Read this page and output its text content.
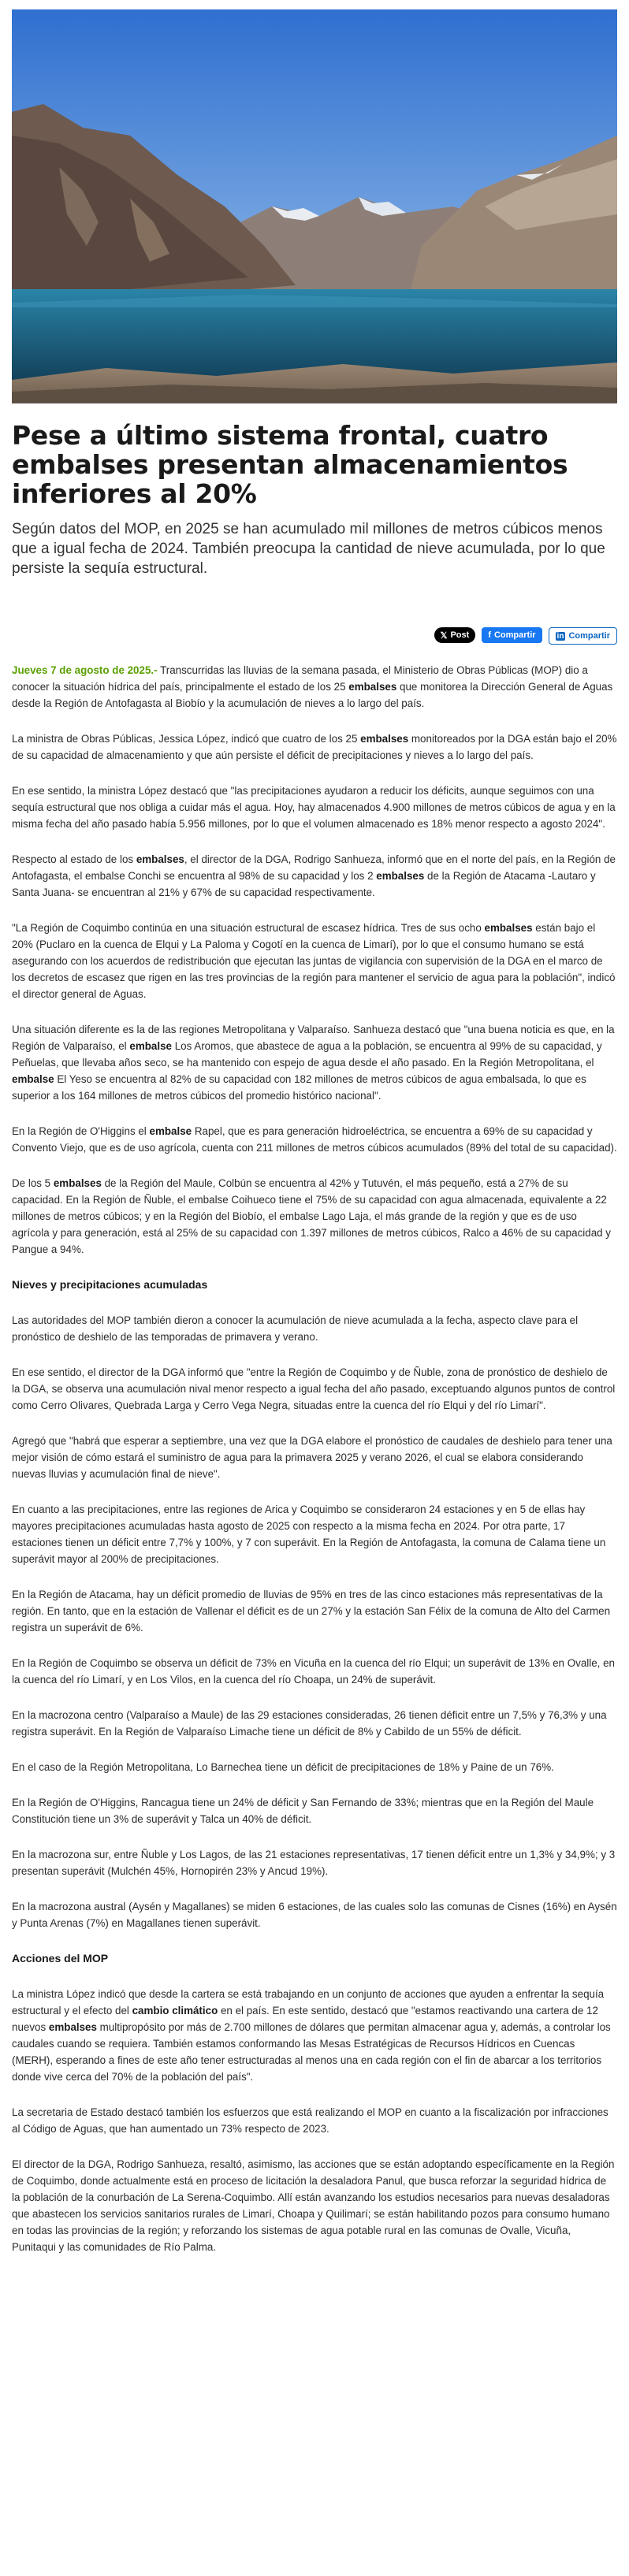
Pese a último sistema frontal, cuatro embalses presentan almacenamientos inferiores al 20%

Según datos del MOP, en 2025 se han acumulado mil millones de metros cúbicos menos que a igual fecha de 2024. También preocupa la cantidad de nieve acumulada, por lo que persiste la sequía estructural.

𝕏 Post f Compartir	in Compartir

Jueves 7 de agosto de 2025.- Transcurridas las lluvias de la semana pasada, el Ministerio de Obras Públicas (MOP) dio a conocer la situación hídrica del país, principalmente el estado de los 25 embalses que monitorea la Dirección General de Aguas desde la Región de Antofagasta al Biobío y la acumulación de nieves a lo largo del país.

La ministra de Obras Públicas, Jessica López, indicó que cuatro de los 25 embalses monitoreados por la DGA están bajo el 20% de su capacidad de almacenamiento y que aún persiste el déficit de precipitaciones y nieves a lo largo del país.

En ese sentido, la ministra López destacó que "las precipitaciones ayudaron a reducir los déficits, aunque seguimos con una sequía estructural que nos obliga a cuidar más el agua. Hoy, hay almacenados 4.900 millones de metros cúbicos de agua y en la misma fecha del año pasado había 5.956 millones, por lo que el volumen almacenado es 18% menor respecto a agosto 2024".

Respecto al estado de los embalses, el director de la DGA, Rodrigo Sanhueza, informó que en el norte del país, en la Región de Antofagasta, el embalse Conchi se encuentra al 98% de su capacidad y los 2 embalses de la Región de Atacama -Lautaro y Santa Juana- se encuentran al 21% y 67% de su capacidad respectivamente.

"La Región de Coquimbo continúa en una situación estructural de escasez hídrica. Tres de sus ocho embalses están bajo el 20% (Puclaro en la cuenca de Elqui y La Paloma y Cogotí en la cuenca de Limarí), por lo que el consumo humano se está asegurando con los acuerdos de redistribución que ejecutan las juntas de vigilancia con supervisión de la DGA en el marco de los decretos de escasez que rigen en las tres provincias de la región para mantener el servicio de agua para la población", indicó el director general de Aguas.

Una situación diferente es la de las regiones Metropolitana y Valparaíso. Sanhueza destacó que "una buena noticia es que, en la Región de Valparaíso, el embalse Los Aromos, que abastece de agua a la población, se encuentra al 99% de su capacidad, y Peñuelas, que llevaba años seco, se ha mantenido con espejo de agua desde el año pasado. En la Región Metropolitana, el embalse El Yeso se encuentra al 82% de su capacidad con 182 millones de metros cúbicos de agua embalsada, lo que es superior a los 164 millones de metros cúbicos del promedio histórico nacional".

En la Región de O'Higgins el embalse Rapel, que es para generación hidroeléctrica, se encuentra a 69% de su capacidad y Convento Viejo, que es de uso agrícola, cuenta con 211 millones de metros cúbicos acumulados (89% del total de su capacidad).

De los 5 embalses de la Región del Maule, Colbún se encuentra al 42% y Tutuvén, el más pequeño, está a 27% de su capacidad. En la Región de Ñuble, el embalse Coihueco tiene el 75% de su capacidad con agua almacenada, equivalente a 22 millones de metros cúbicos; y en la Región del Biobío, el embalse Lago Laja, el más grande de la región y que es de uso agrícola y para generación, está al 25% de su capacidad con 1.397 millones de metros cúbicos, Ralco a 46% de su capacidad y Pangue a 94%.

Nieves y precipitaciones acumuladas

Las autoridades del MOP también dieron a conocer la acumulación de nieve acumulada a la fecha, aspecto clave para el pronóstico de deshielo de las temporadas de primavera y verano.

En ese sentido, el director de la DGA informó que "entre la Región de Coquimbo y de Ñuble, zona de pronóstico de deshielo de la DGA, se observa una acumulación nival menor respecto a igual fecha del año pasado, exceptuando algunos puntos de control como Cerro Olivares, Quebrada Larga y Cerro Vega Negra, situadas entre la cuenca del río Elqui y del río Limarí".

Agregó que "habrá que esperar a septiembre, una vez que la DGA elabore el pronóstico de caudales de deshielo para tener una mejor visión de cómo estará el suministro de agua para la primavera 2025 y verano 2026, el cual se elabora considerando nuevas lluvias y acumulación final de nieve".

En cuanto a las precipitaciones, entre las regiones de Arica y Coquimbo se consideraron 24 estaciones y en 5 de ellas hay mayores precipitaciones acumuladas hasta agosto de 2025 con respecto a la misma fecha en 2024. Por otra parte, 17 estaciones tienen un déficit entre 7,7% y 100%, y 7 con superávit. En la Región de Antofagasta, la comuna de Calama tiene un superávit mayor al 200% de precipitaciones.

En la Región de Atacama, hay un déficit promedio de lluvias de 95% en tres de las cinco estaciones más representativas de la región. En tanto, que en la estación de Vallenar el déficit es de un 27% y la estación San Félix de la comuna de Alto del Carmen registra un superávit de 6%.

En la Región de Coquimbo se observa un déficit de 73% en Vicuña en la cuenca del río Elqui; un superávit de 13% en Ovalle, en la cuenca del río Limarí, y en Los Vilos, en la cuenca del río Choapa, un 24% de superávit.

En la macrozona centro (Valparaíso a Maule) de las 29 estaciones consideradas, 26 tienen déficit entre un 7,5% y 76,3% y una registra superávit. En la Región de Valparaíso Limache tiene un déficit de 8% y Cabildo de un 55% de déficit.

En el caso de la Región Metropolitana, Lo Barnechea tiene un déficit de precipitaciones de 18% y Paine de un 76%.

En la Región de O'Higgins, Rancagua tiene un 24% de déficit y San Fernando de 33%; mientras que en la Región del Maule Constitución tiene un 3% de superávit y Talca un 40% de déficit.

En la macrozona sur, entre Ñuble y Los Lagos, de las 21 estaciones representativas, 17 tienen déficit entre un 1,3% y 34,9%; y 3 presentan superávit (Mulchén 45%, Hornopirén 23% y Ancud 19%).

En la macrozona austral (Aysén y Magallanes) se miden 6 estaciones, de las cuales solo las comunas de Cisnes (16%) en Aysén y Punta Arenas (7%) en Magallanes tienen superávit.

Acciones del MOP

La ministra López indicó que desde la cartera se está trabajando en un conjunto de acciones que ayuden a enfrentar la sequía estructural y el efecto del cambio climático en el país. En este sentido, destacó que "estamos reactivando una cartera de 12 nuevos embalses multipropósito por más de 2.700 millones de dólares que permitan almacenar agua y, además, a controlar los caudales cuando se requiera. También estamos conformando las Mesas Estratégicas de Recursos Hídricos en Cuencas (MERH), esperando a fines de este año tener estructuradas al menos una en cada región con el fin de abarcar a los territorios donde vive cerca del 70% de la población del país".

La secretaria de Estado destacó también los esfuerzos que está realizando el MOP en cuanto a la fiscalización por infracciones al Código de Aguas, que han aumentado un 73% respecto de 2023.

El director de la DGA, Rodrigo Sanhueza, resaltó, asimismo, las acciones que se están adoptando específicamente en la Región de Coquimbo, donde actualmente está en proceso de licitación la desaladora Panul, que busca reforzar la seguridad hídrica de la población de la conurbación de La Serena-Coquimbo. Allí están avanzando los estudios necesarios para nuevas desaladoras que abastecen los servicios sanitarios rurales de Limarí, Choapa y Quilimarí; se están habilitando pozos para consumo humano en todas las provincias de la región; y reforzando los sistemas de agua potable rural en las comunas de Ovalle, Vicuña, Punitaqui y las comunidades de Río Palma.
